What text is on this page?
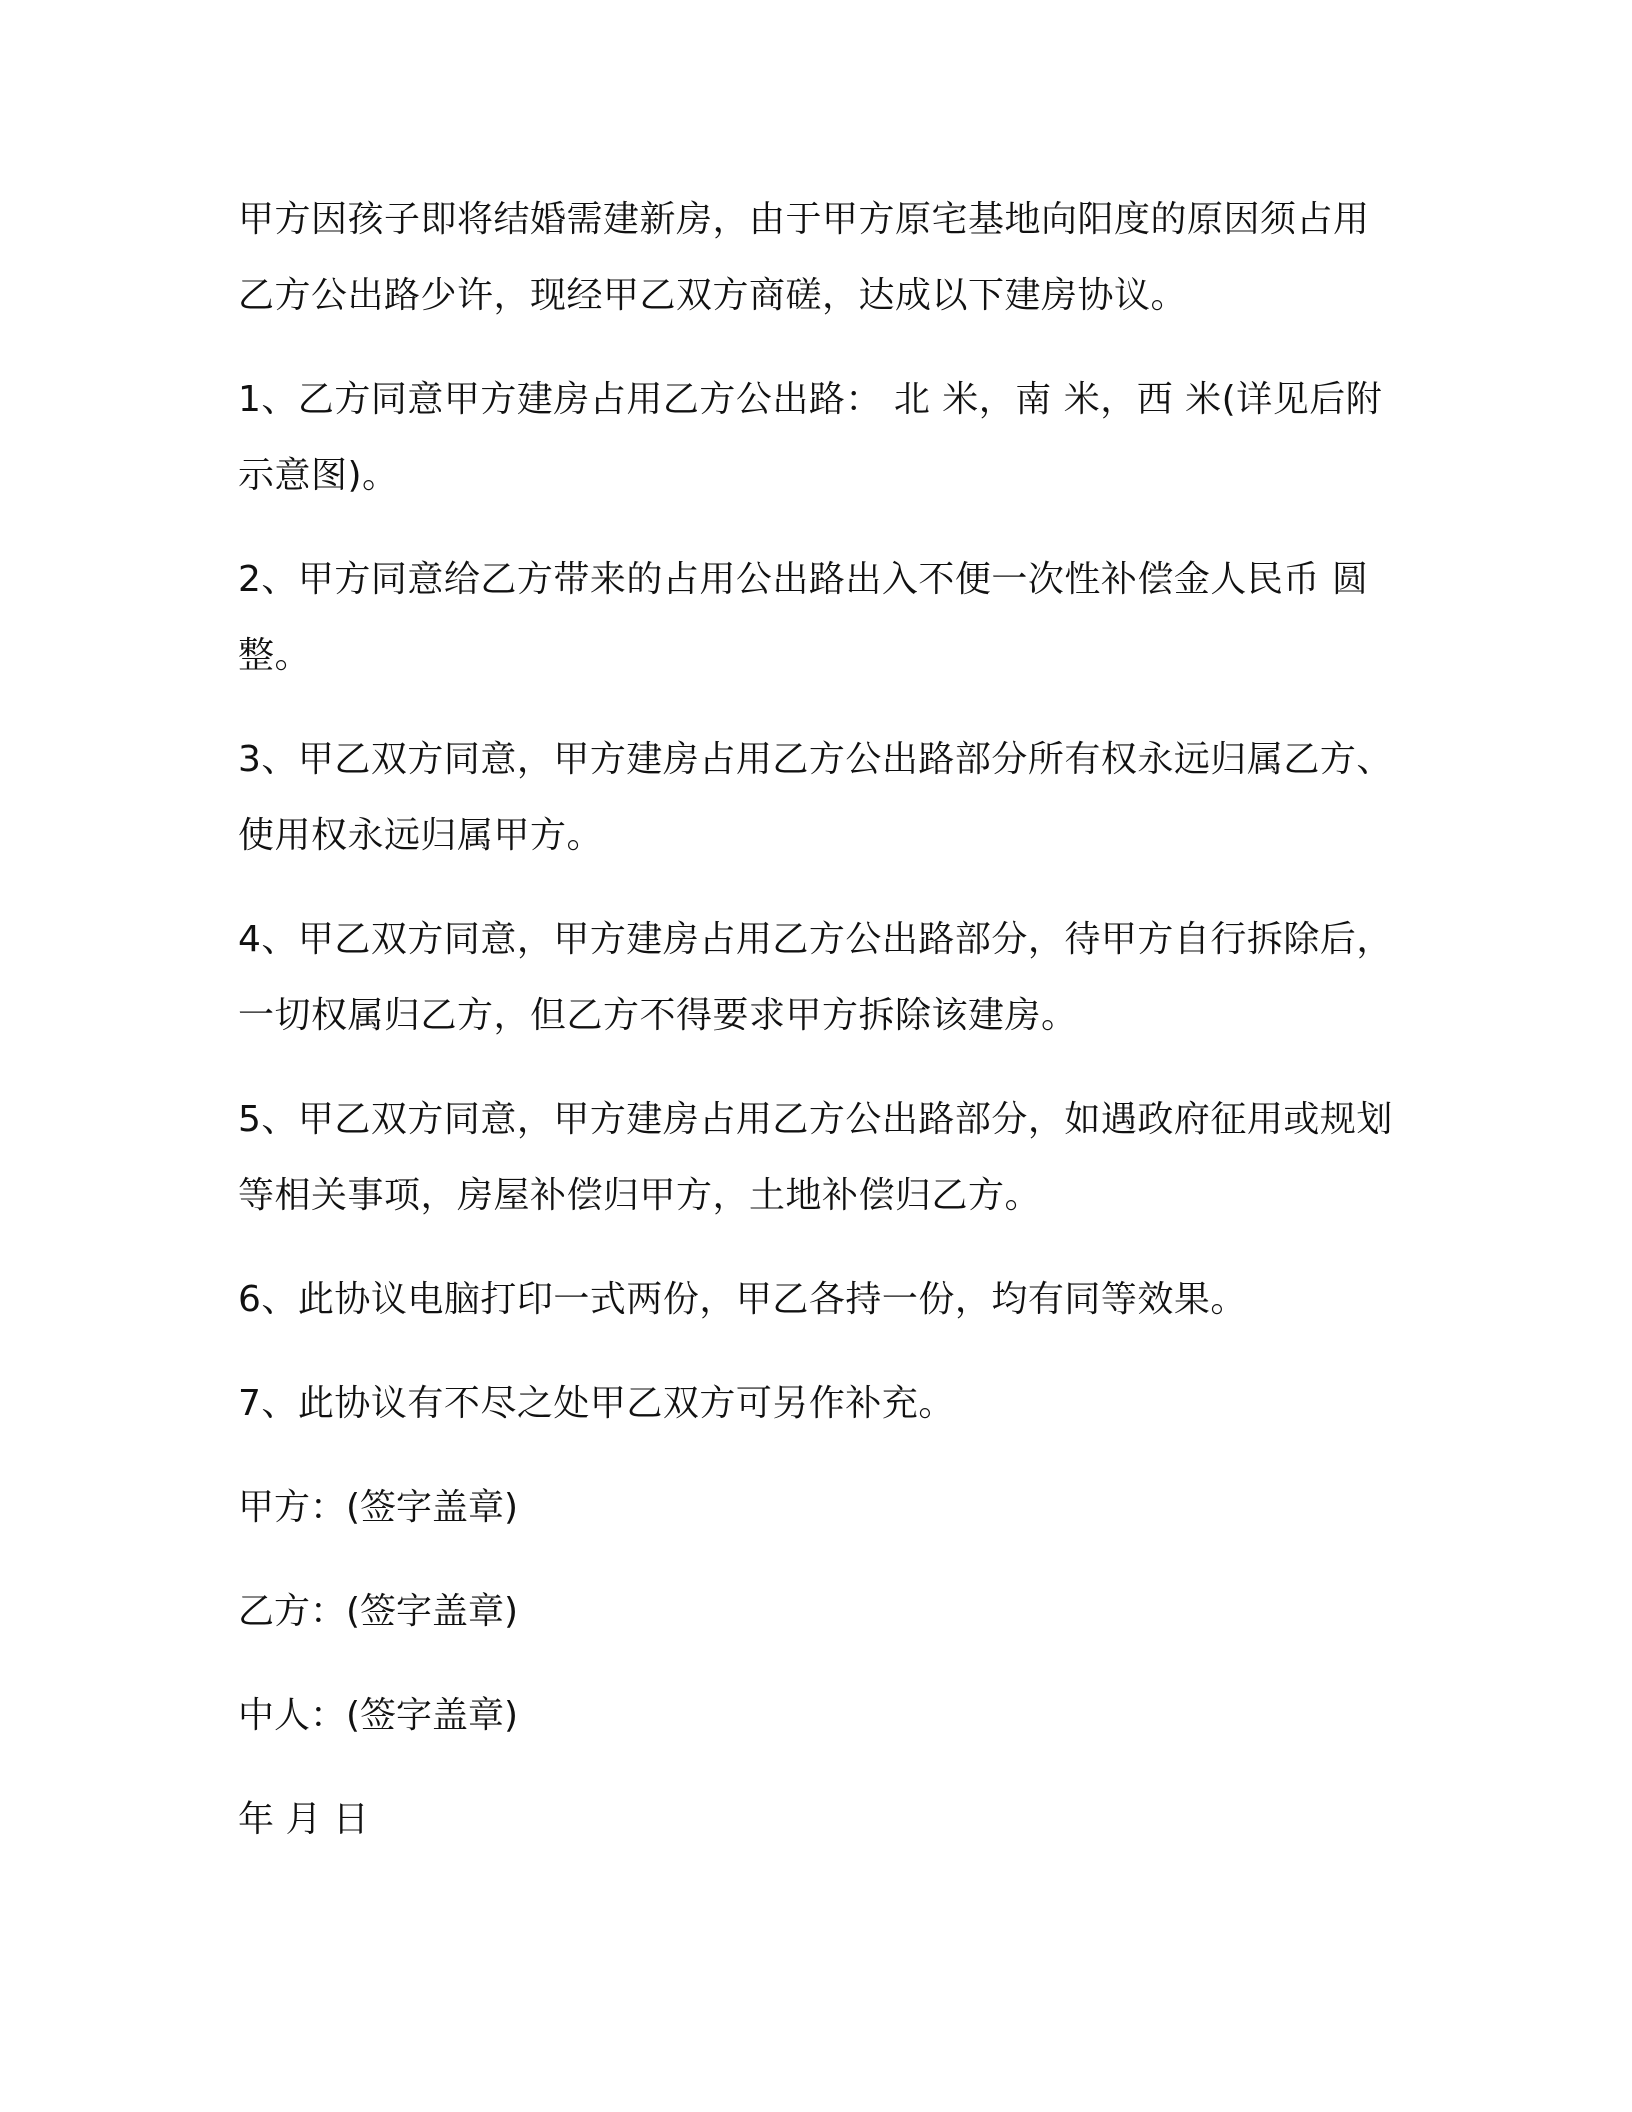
甲方因孩子即将结婚需建新房，由于甲方原宅基地向阳度的原因须占用乙方公出路少许，现经甲乙双方商磋，达成以下建房协议。

1、乙方同意甲方建房占用乙方公出路： 北 米，南 米，西 米(详见后附示意图)。

2、甲方同意给乙方带来的占用公出路出入不便一次性补偿金人民币 圆整。

3、甲乙双方同意，甲方建房占用乙方公出路部分所有权永远归属乙方、使用权永远归属甲方。

4、甲乙双方同意，甲方建房占用乙方公出路部分，待甲方自行拆除后，一切权属归乙方，但乙方不得要求甲方拆除该建房。

5、甲乙双方同意，甲方建房占用乙方公出路部分，如遇政府征用或规划等相关事项，房屋补偿归甲方，土地补偿归乙方。

6、此协议电脑打印一式两份，甲乙各持一份，均有同等效果。

7、此协议有不尽之处甲乙双方可另作补充。

甲方：(签字盖章)

乙方：(签字盖章)

中人：(签字盖章)

年 月 日
